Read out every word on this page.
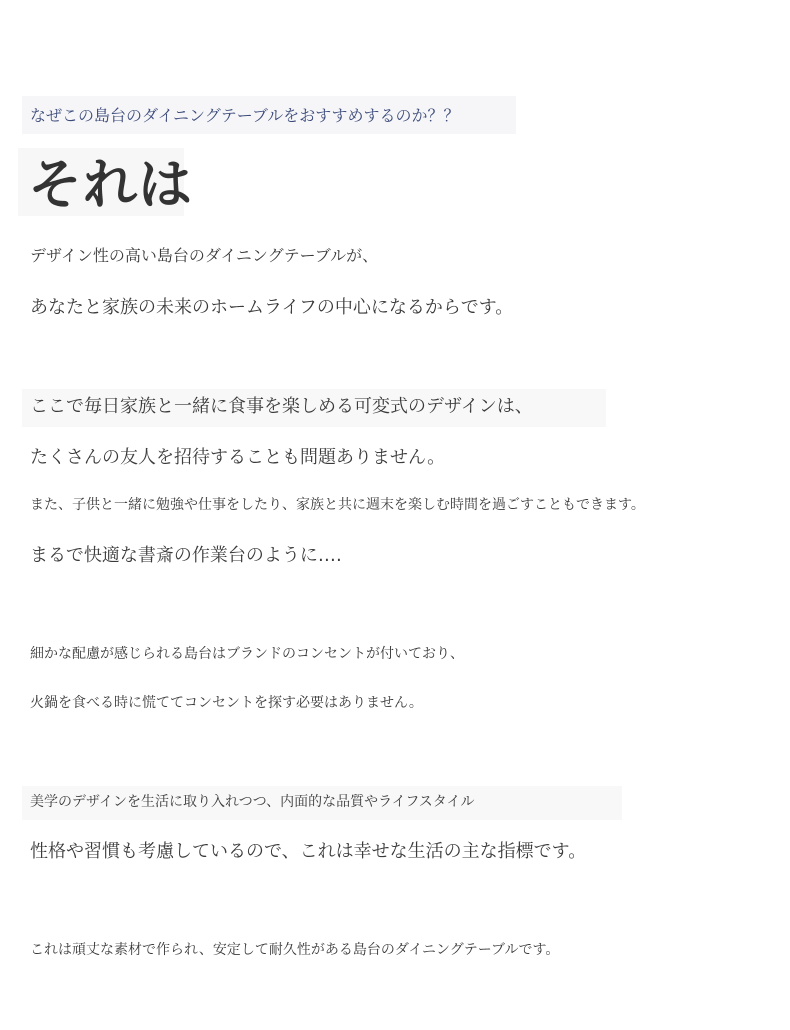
なぜこの島台のダイニングテーブルをおすすめするのか？？
それは
デザイン性の高い島台のダイニングテーブルが、
あなたと家族の未来のホームライフの中心になるからです。
ここで毎日家族と一緒に食事を楽しめる可変式のデザインは、
たくさんの友人を招待することも問題ありません。
また、子供と一緒に勉強や仕事をしたり、家族と共に週末を楽しむ時間を過ごすこともできます。
まるで快適な書斎の作業台のように‥‥
細かな配慮が感じられる島台はブランドのコンセントが付いており、
火鍋を食べる時に慌ててコンセントを探す必要はありません。
美学のデザインを生活に取り入れつつ、内面的な品質やライフスタイル
性格や習慣も考慮しているので、これは幸せな生活の主な指標です。
これは頑丈な素材で作られ、安定して耐久性がある島台のダイニングテーブルです。
